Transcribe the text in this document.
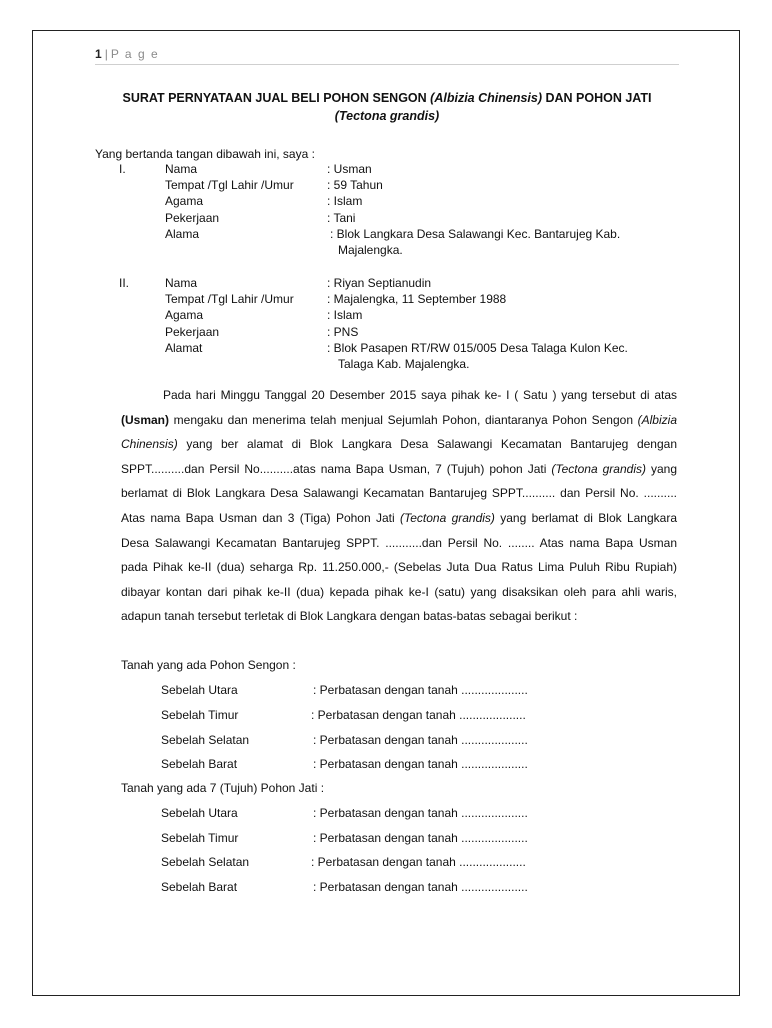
1 | P a g e
SURAT PERNYATAAN JUAL BELI POHON SENGON (Albizia Chinensis) DAN POHON JATI
(Tectona grandis)
Yang bertanda tangan dibawah ini, saya :
I.	Nama	: Usman
Tempat /Tgl Lahir /Umur	: 59 Tahun
Agama	: Islam
Pekerjaan	: Tani
Alama	: Blok Langkara Desa Salawangi Kec. Bantarujeg Kab.
Majalengka.
II.	Nama	: Riyan Septianudin
Tempat /Tgl Lahir /Umur	: Majalengka, 11 September 1988
Agama	: Islam
Pekerjaan	: PNS
Alamat	: Blok Pasapen RT/RW 015/005 Desa Talaga Kulon Kec.
Talaga Kab. Majalengka.
Pada hari Minggu Tanggal 20 Desember 2015 saya pihak ke- I ( Satu ) yang tersebut di atas (Usman) mengaku dan menerima telah menjual Sejumlah Pohon, diantaranya Pohon Sengon (Albizia Chinensis) yang ber alamat di Blok Langkara Desa Salawangi Kecamatan Bantarujeg dengan SPPT..........dan Persil No..........atas nama Bapa Usman, 7 (Tujuh) pohon Jati (Tectona grandis) yang berlamat di Blok Langkara Desa Salawangi Kecamatan Bantarujeg SPPT.......... dan Persil No. .......... Atas nama Bapa Usman dan 3 (Tiga) Pohon Jati (Tectona grandis) yang berlamat di Blok Langkara Desa Salawangi Kecamatan Bantarujeg SPPT. ...........dan Persil No. ........ Atas nama Bapa Usman pada Pihak ke-II (dua) seharga Rp. 11.250.000,- (Sebelas Juta Dua Ratus Lima Puluh Ribu Rupiah) dibayar kontan dari pihak ke-II (dua) kepada pihak ke-I (satu) yang disaksikan oleh para ahli waris, adapun tanah tersebut terletak di Blok Langkara dengan batas-batas sebagai berikut :
Tanah yang ada Pohon Sengon :
Sebelah Utara	: Perbatasan dengan tanah ....................
Sebelah Timur	: Perbatasan dengan tanah ....................
Sebelah Selatan	: Perbatasan dengan tanah ....................
Sebelah Barat	: Perbatasan dengan tanah ....................
Tanah yang ada 7 (Tujuh) Pohon Jati :
Sebelah Utara	: Perbatasan dengan tanah ....................
Sebelah Timur	: Perbatasan dengan tanah ....................
Sebelah Selatan	: Perbatasan dengan tanah ....................
Sebelah Barat	: Perbatasan dengan tanah ....................
